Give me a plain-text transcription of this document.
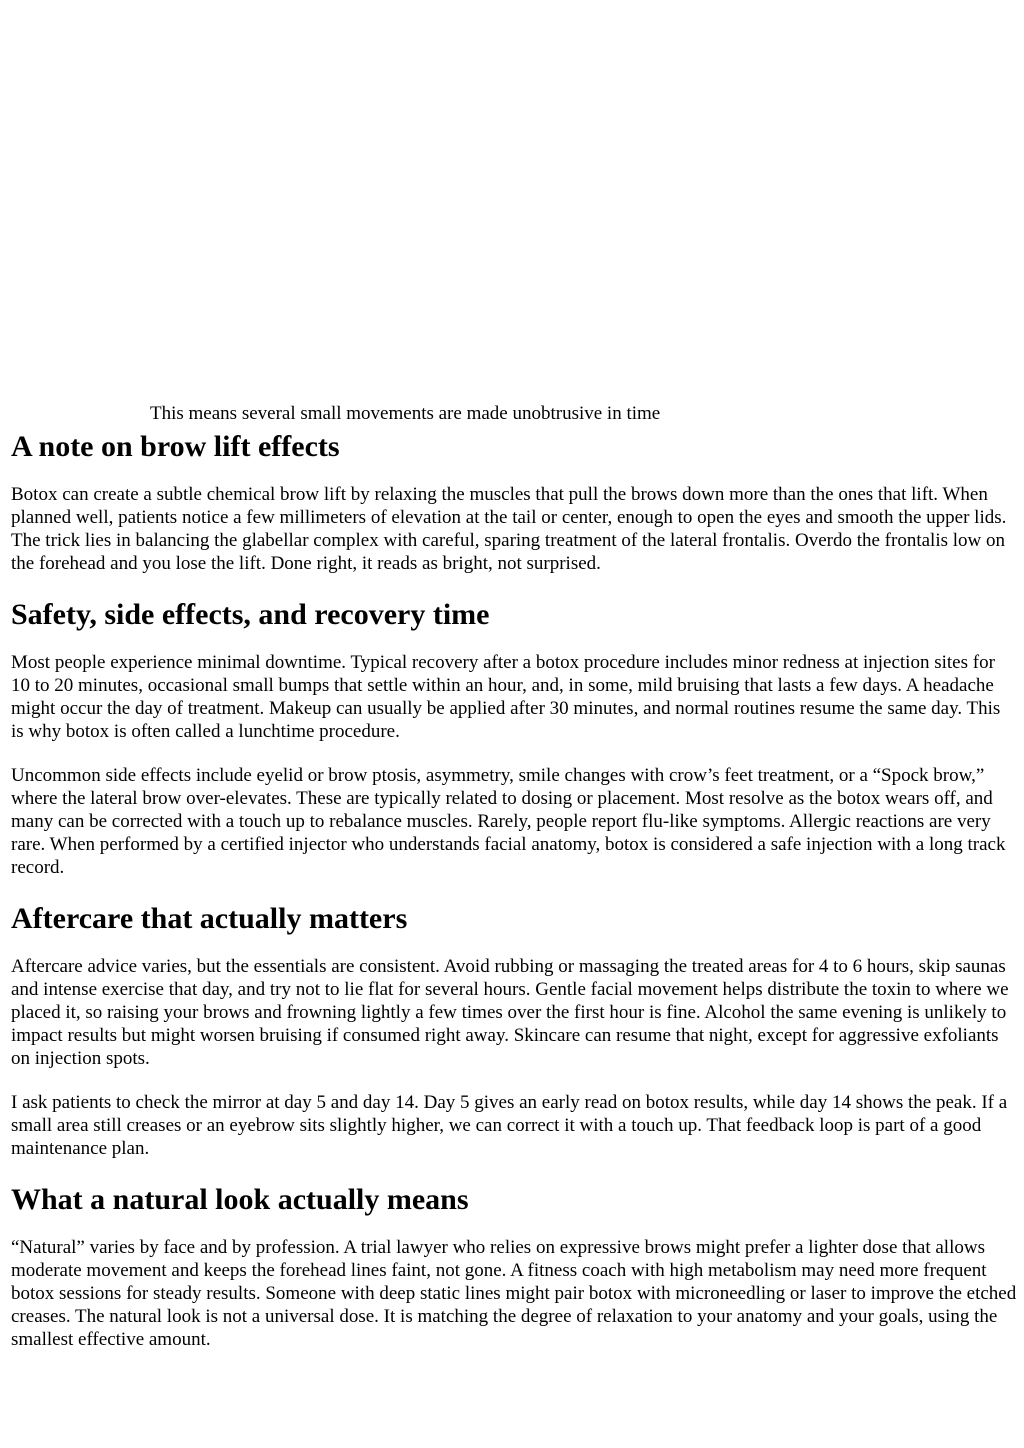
This means several small movements are made unobtrusive in time
A note on brow lift effects

Botox can create a subtle chemical brow lift by relaxing the muscles that pull the brows down more than the ones that lift. When planned well, patients notice a few millimeters of elevation at the tail or center, enough to open the eyes and smooth the upper lids. The trick lies in balancing the glabellar complex with careful, sparing treatment of the lateral frontalis. Overdo the frontalis low on the forehead and you lose the lift. Done right, it reads as bright, not surprised.

Safety, side effects, and recovery time

Most people experience minimal downtime. Typical recovery after a botox procedure includes minor redness at injection sites for 10 to 20 minutes, occasional small bumps that settle within an hour, and, in some, mild bruising that lasts a few days. A headache might occur the day of treatment. Makeup can usually be applied after 30 minutes, and normal routines resume the same day. This is why botox is often called a lunchtime procedure.

Uncommon side effects include eyelid or brow ptosis, asymmetry, smile changes with crow’s feet treatment, or a “Spock brow,” where the lateral brow over-elevates. These are typically related to dosing or placement. Most resolve as the botox wears off, and many can be corrected with a touch up to rebalance muscles. Rarely, people report flu-like symptoms. Allergic reactions are very rare. When performed by a certified injector who understands facial anatomy, botox is considered a safe injection with a long track record.

Aftercare that actually matters

Aftercare advice varies, but the essentials are consistent. Avoid rubbing or massaging the treated areas for 4 to 6 hours, skip saunas and intense exercise that day, and try not to lie flat for several hours. Gentle facial movement helps distribute the toxin to where we placed it, so raising your brows and frowning lightly a few times over the first hour is fine. Alcohol the same evening is unlikely to impact results but might worsen bruising if consumed right away. Skincare can resume that night, except for aggressive exfoliants on injection spots.

I ask patients to check the mirror at day 5 and day 14. Day 5 gives an early read on botox results, while day 14 shows the peak. If a small area still creases or an eyebrow sits slightly higher, we can correct it with a touch up. That feedback loop is part of a good maintenance plan.

What a natural look actually means

“Natural” varies by face and by profession. A trial lawyer who relies on expressive brows might prefer a lighter dose that allows moderate movement and keeps the forehead lines faint, not gone. A fitness coach with high metabolism may need more frequent botox sessions for steady results. Someone with deep static lines might pair botox with microneedling or laser to improve the etched creases. The natural look is not a universal dose. It is matching the degree of relaxation to your anatomy and your goals, using the smallest effective amount.
